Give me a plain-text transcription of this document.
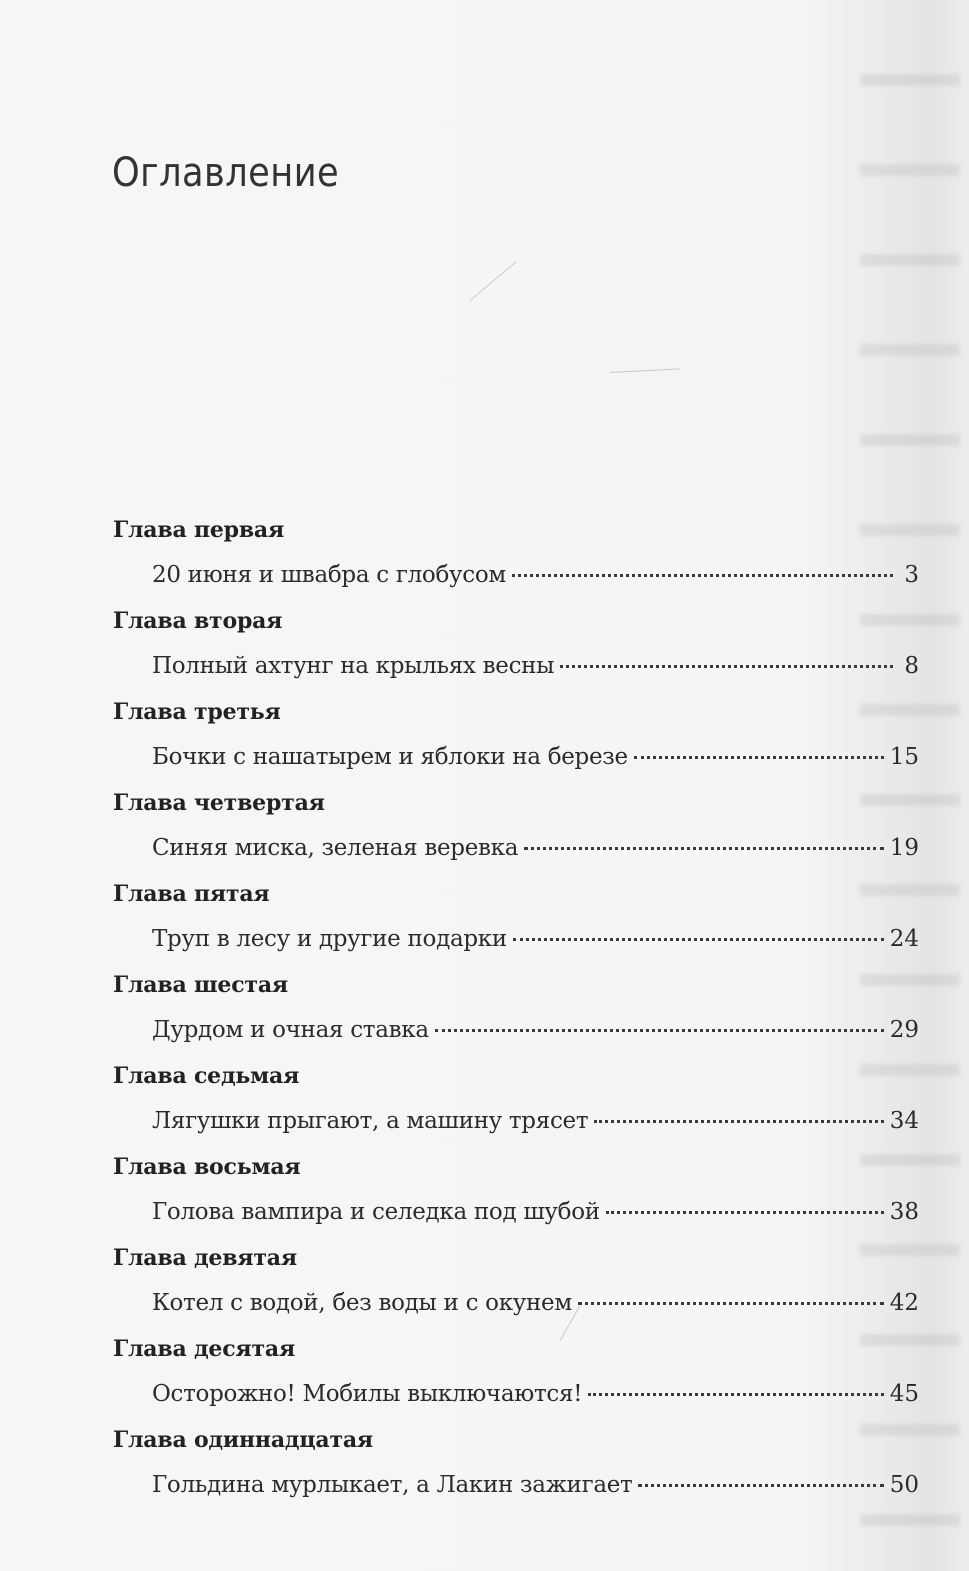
Оглавление
Глава первая
20 июня и швабра с глобусом	3
Глава вторая
Полный ахтунг на крыльях весны	8
Глава третья
Бочки с нашатырем и яблоки на березе	15
Глава четвертая
Синяя миска, зеленая веревка	19
Глава пятая
Труп в лесу и другие подарки	24
Глава шестая
Дурдом и очная ставка	29
Глава седьмая
Лягушки прыгают, а машину трясет	34
Глава восьмая
Голова вампира и селедка под шубой	38
Глава девятая
Котел с водой, без воды и с окунем	42
Глава десятая
Осторожно! Мобилы выключаются!	45
Глава одиннадцатая
Гольдина мурлыкает, а Лакин зажигает	50
